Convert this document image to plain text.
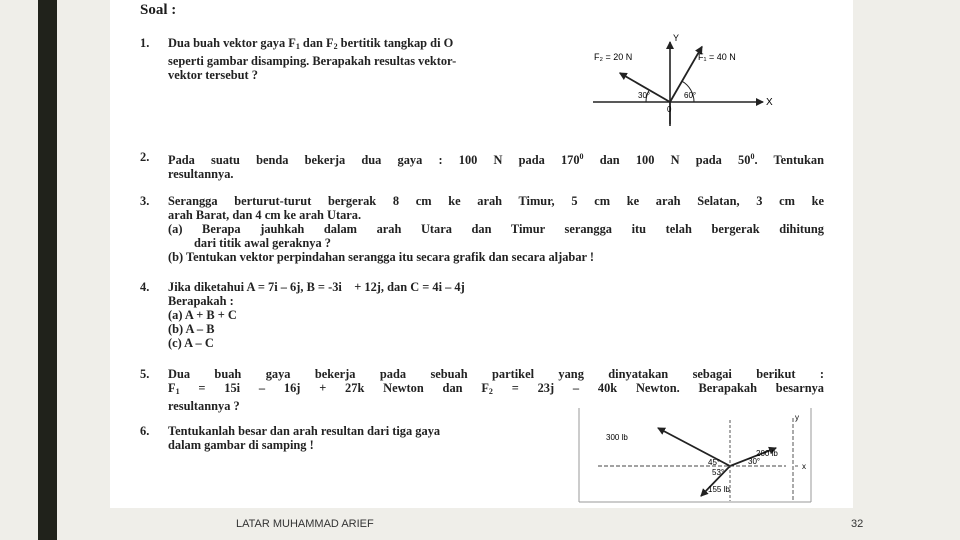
Soal :
1.	Dua buah vektor gaya $F_1$ dan $F_2$ bertitik tangkap di O
seperti gambar disamping. Berapakah resultas vektor-
vektor tersebut ?
Y
X
0
F₂ = 20 N	F₁ = 40 N
30°	60°
2.	Pada suatu benda bekerja dua gaya : 100 N pada $170^0$ dan 100 N pada $50^0$. Tentukan
resultannya.
3.	Serangga berturut-turut bergerak 8 cm ke arah Timur, 5 cm ke arah Selatan, 3 cm ke
arah Barat, dan 4 cm ke arah Utara.
(a) Berapa jauhkah dalam arah Utara dan Timur serangga itu telah bergerak dihitung
dari titik awal geraknya ?
(b) Tentukan vektor perpindahan serangga itu secara grafik dan secara aljabar !
4.	Jika diketahui A = 7i – 6j, B = -3i    + 12j, dan C = 4i – 4j
Berapakah :
(a) A + B + C
(b) A – B
(c) A – C
5.	Dua buah gaya bekerja pada sebuah partikel yang dinyatakan sebagai berikut :
$F_1 = 15i - 16j + 27k$ Newton dan $F_2 = 23j - 40k$ Newton. Berapakah besarnya
resultannya ?
6.	Tentukanlah besar dan arah resultan dari tiga gaya
dalam gambar di samping !
300 lb
200 lb
155 lb
y
x
45°
53°
30°
LATAR MUHAMMAD ARIEF	32
